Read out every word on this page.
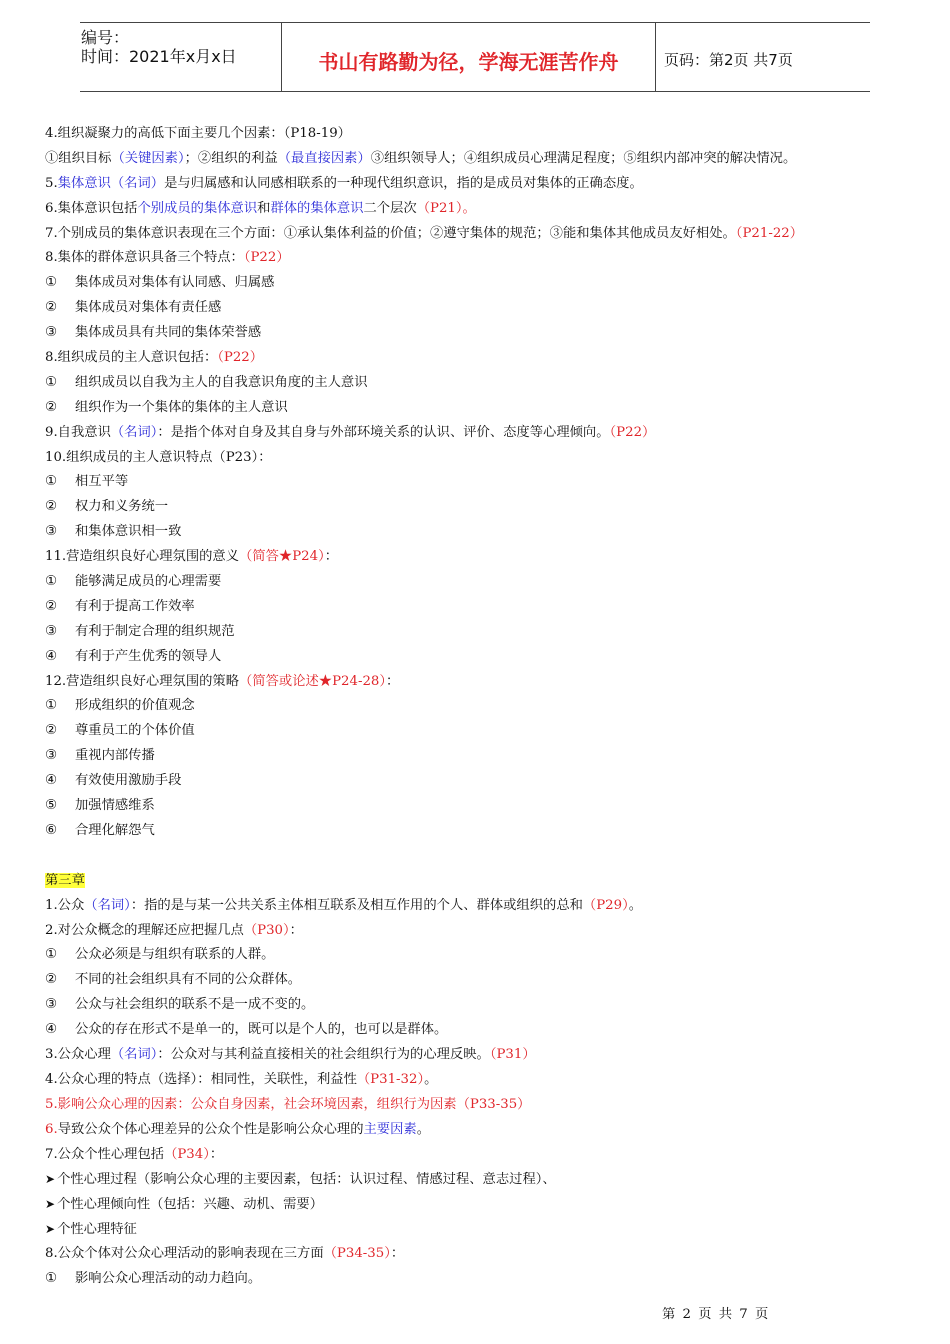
编号：
时间：2021年x月x日	书山有路勤为径，学海无涯苦作舟	页码：第2页 共7页
4.组织凝聚力的高低下面主要几个因素：（P18-19）
①组织目标（关键因素）；②组织的利益（最直接因素）③组织领导人；④组织成员心理满足程度；⑤组织内部冲突的解决情况。
5.集体意识（名词）是与归属感和认同感相联系的一种现代组织意识，指的是成员对集体的正确态度。
6.集体意识包括个别成员的集体意识和群体的集体意识二个层次（P21）。
7.个别成员的集体意识表现在三个方面：①承认集体利益的价值；②遵守集体的规范；③能和集体其他成员友好相处。（P21-22）
8.集体的群体意识具备三个特点：（P22）
① 集体成员对集体有认同感、归属感
② 集体成员对集体有责任感
③ 集体成员具有共同的集体荣誉感
8.组织成员的主人意识包括：（P22）
① 组织成员以自我为主人的自我意识角度的主人意识
② 组织作为一个集体的集体的主人意识
9.自我意识（名词）：是指个体对自身及其自身与外部环境关系的认识、评价、态度等心理倾向。（P22）
10.组织成员的主人意识特点（P23）：
① 相互平等
② 权力和义务统一
③ 和集体意识相一致
11.营造组织良好心理氛围的意义（简答★P24）：
① 能够满足成员的心理需要
② 有利于提高工作效率
③ 有利于制定合理的组织规范
④ 有利于产生优秀的领导人
12.营造组织良好心理氛围的策略（简答或论述★P24-28）：
① 形成组织的价值观念
② 尊重员工的个体价值
③ 重视内部传播
④ 有效使用激励手段
⑤ 加强情感维系
⑥ 合理化解怨气
第三章
1.公众（名词）：指的是与某一公共关系主体相互联系及相互作用的个人、群体或组织的总和（P29）。
2.对公众概念的理解还应把握几点（P30）：
① 公众必须是与组织有联系的人群。
② 不同的社会组织具有不同的公众群体。
③ 公众与社会组织的联系不是一成不变的。
④ 公众的存在形式不是单一的，既可以是个人的，也可以是群体。
3.公众心理（名词）：公众对与其利益直接相关的社会组织行为的心理反映。（P31）
4.公众心理的特点（选择）：相同性，关联性，利益性（P31-32）。
5.影响公众心理的因素：公众自身因素，社会环境因素，组织行为因素（P33-35）
6.导致公众个体心理差异的公众个性是影响公众心理的主要因素。
7.公众个性心理包括（P34）：
➤ 个性心理过程（影响公众心理的主要因素，包括：认识过程、情感过程、意志过程）、
➤ 个性心理倾向性（包括：兴趣、动机、需要）
➤ 个性心理特征
8.公众个体对公众心理活动的影响表现在三方面（P34-35）：
① 影响公众心理活动的动力趋向。
第 2 页 共 7 页
